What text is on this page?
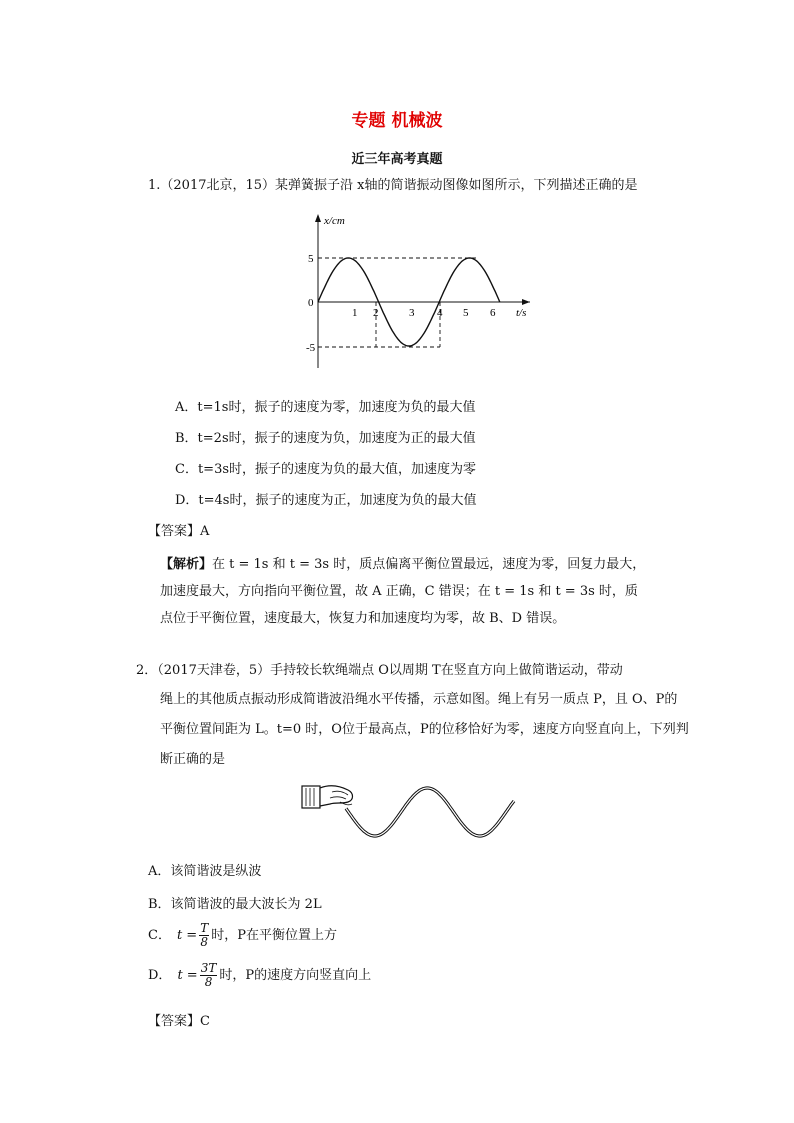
专题 机械波
近三年高考真题
1.（2017北京，15）某弹簧振子沿 x轴的简谐振动图像如图所示，下列描述正确的是
x/cm
t/s
5
0
-5
1 2	3 4 5 6
A．t=1s时，振子的速度为零，加速度为负的最大值
B．t=2s时，振子的速度为负，加速度为正的最大值
C．t=3s时，振子的速度为负的最大值，加速度为零
D．t=4s时，振子的速度为正，加速度为负的最大值
【答案】A
【解析】在 t = 1s 和 t = 3s 时，质点偏离平衡位置最远，速度为零，回复力最大，加速度最大，方向指向平衡位置，故 A 正确，C 错误；在 t = 1s 和 t = 3s 时，质点位于平衡位置，速度最大，恢复力和加速度均为零，故 B、D 错误。
2．（2017天津卷，5）手持较长软绳端点 O以周期 T在竖直方向上做简谐运动，带动
绳上的其他质点振动形成简谐波沿绳水平传播，示意如图。绳上有另一质点 P，且 O、P的
平衡位置间距为 L。t=0 时，O位于最高点，P的位移恰好为零，速度方向竖直向上，下列判
断正确的是
A．该简谐波是纵波
B．该简谐波的最大波长为 2L
C． $t = \frac{T}{8}$ 时，P在平衡位置上方
D． $t = \frac{3T}{8}$ 时，P的速度方向竖直向上
【答案】C
